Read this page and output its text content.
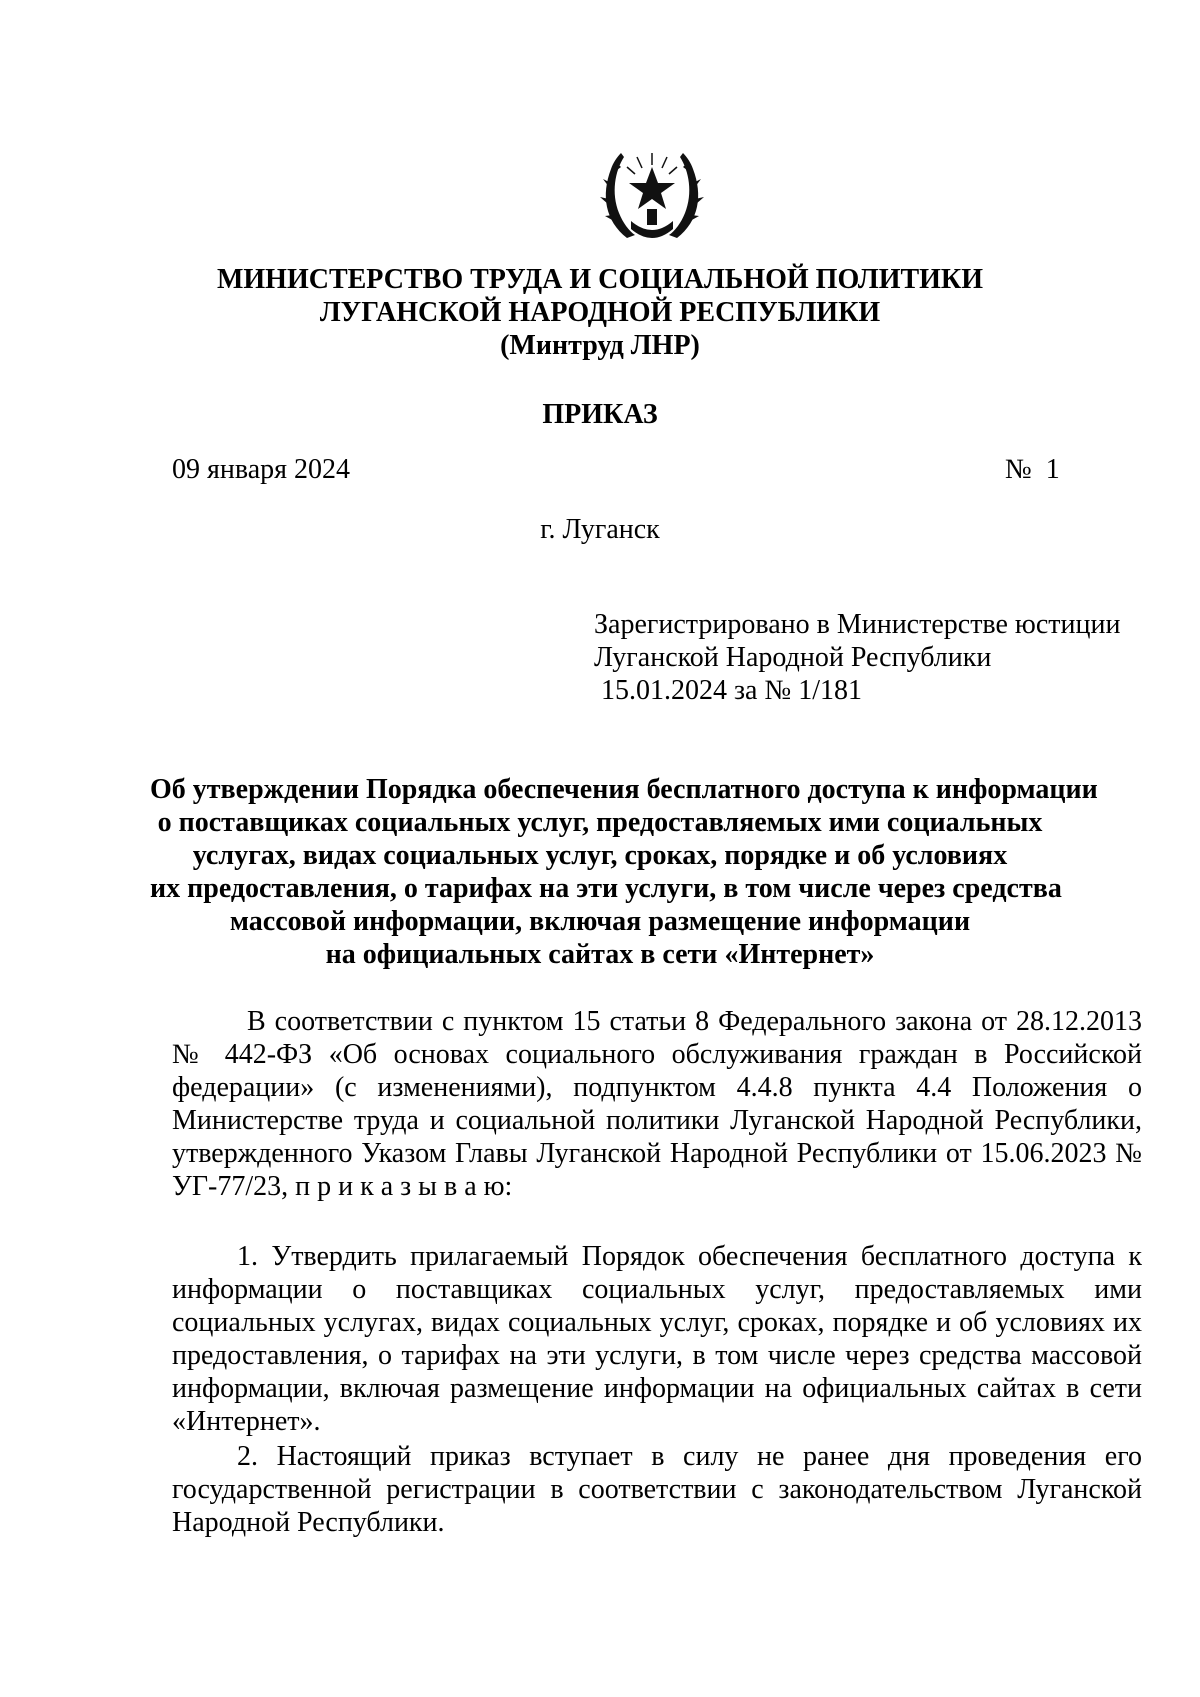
МИНИСТЕРСТВО ТРУДА И СОЦИАЛЬНОЙ ПОЛИТИКИ
ЛУГАНСКОЙ НАРОДНОЙ РЕСПУБЛИКИ
(Минтруд ЛНР)
ПРИКАЗ
09 января 2024	№  1
г. Луганск
Зарегистрировано в Министерстве юстиции
Луганской Народной Республики
15.01.2024 за № 1/181
Об утверждении Порядка обеспечения бесплатного доступа к информации
о поставщиках социальных услуг, предоставляемых ими социальных
услугах, видах социальных услуг, сроках, порядке и об условиях
их предоставления, о тарифах на эти услуги, в том числе через средства
массовой информации, включая размещение информации
на официальных сайтах в сети «Интернет»

В соответствии с пунктом 15 статьи 8 Федерального закона от 28.12.2013 № 442-ФЗ «Об основах социального обслуживания граждан в Российской федерации» (с изменениями), подпунктом 4.4.8 пункта 4.4 Положения о Министерстве труда и социальной политики Луганской Народной Республики, утвержденного Указом Главы Луганской Народной Республики от 15.06.2023 № УГ-77/23, п р и к а з ы в а ю:

1. Утвердить прилагаемый Порядок обеспечения бесплатного доступа к информации о поставщиках социальных услуг, предоставляемых ими социальных услугах, видах социальных услуг, сроках, порядке и об условиях их предоставления, о тарифах на эти услуги, в том числе через средства массовой информации, включая размещение информации на официальных сайтах в сети «Интернет».

2. Настоящий приказ вступает в силу не ранее дня проведения его государственной регистрации в соответствии с законодательством Луганской Народной Республики.
